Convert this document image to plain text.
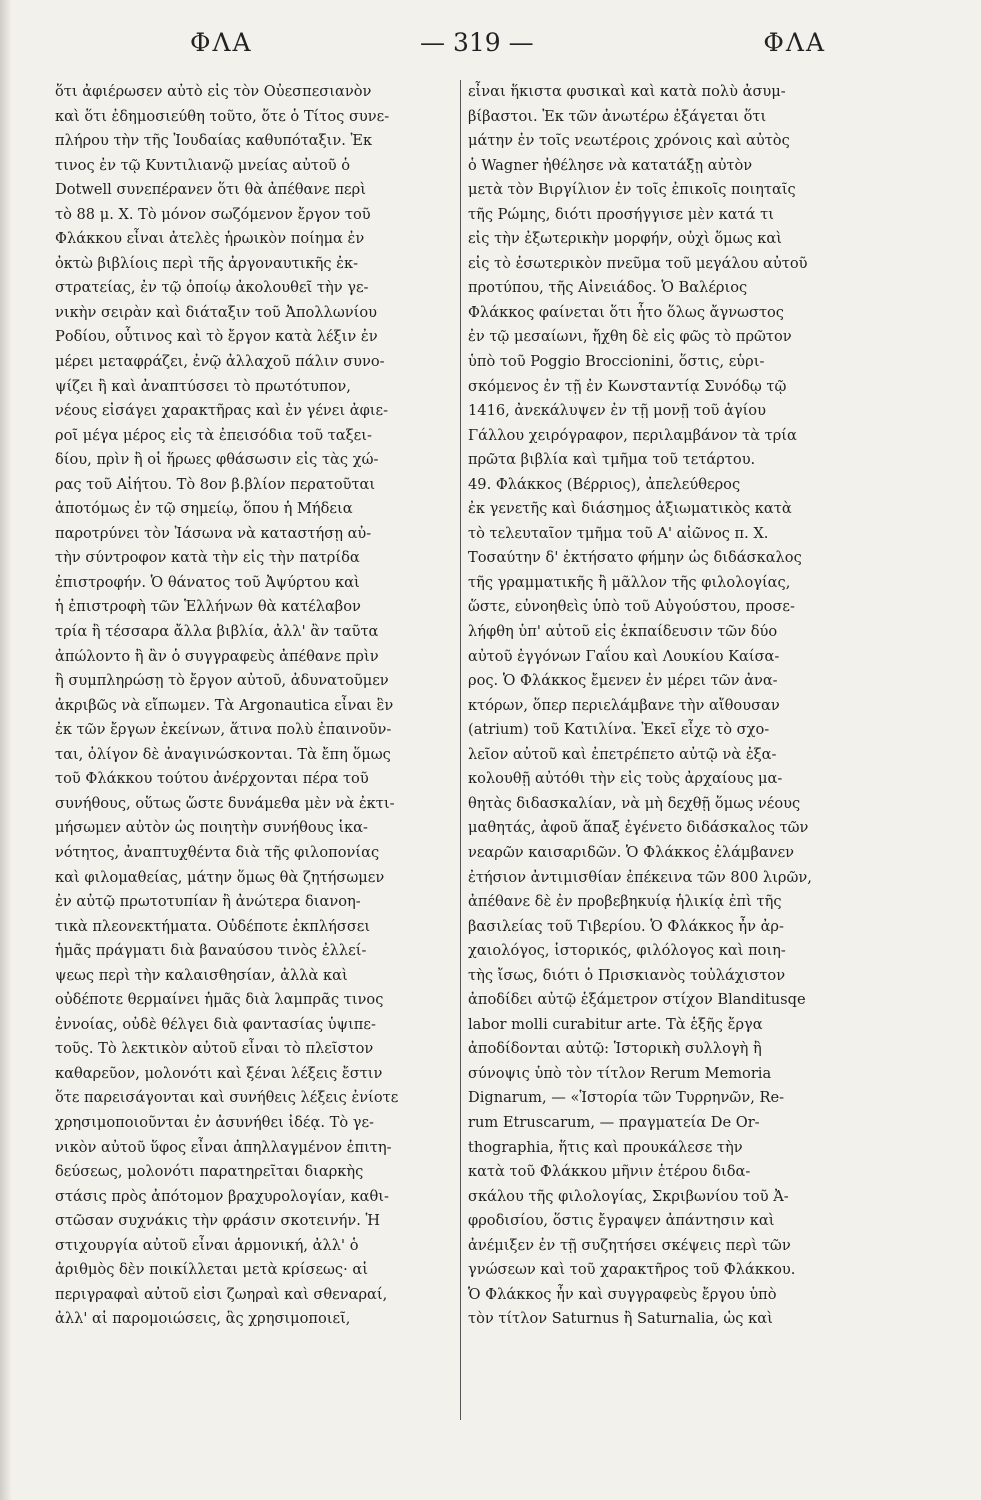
ΦΛΑ	— 319 —	ΦΛΑ
ὅτι ἀφιέρωσεν αὐτὸ εἰς τὸν Οὐεσπεσιανὸν
καὶ ὅτι ἐδημοσιεύθη τοῦτο, ὅτε ὁ Τίτος συνε-
πλήρου τὴν τῆς Ἰουδαίας καθυπόταξιν. Ἐκ
τινος ἐν τῷ Κυντιλιανῷ μνείας αὐτοῦ ὁ
Dotwell συνεπέρανεν ὅτι θὰ ἀπέθανε περὶ
τὸ 88 μ. Χ. Τὸ μόνον σωζόμενον ἔργον τοῦ
Φλάκκου εἶναι ἀτελὲς ἡρωικὸν ποίημα ἐν
ὀκτὼ βιβλίοις περὶ τῆς ἀργοναυτικῆς ἐκ-
στρατείας, ἐν τῷ ὁποίῳ ἀκολουθεῖ τὴν γε-
νικὴν σειρὰν καὶ διάταξιν τοῦ Ἀπολλωνίου
Ροδίου, οὗτινος καὶ τὸ ἔργον κατὰ λέξιν ἐν
μέρει μεταφράζει, ἐνῷ ἀλλαχοῦ πάλιν συνο-
ψίζει ἢ καὶ ἀναπτύσσει τὸ πρωτότυπον,
νέους εἰσάγει χαρακτῆρας καὶ ἐν γένει ἀφιε-
ροῖ μέγα μέρος εἰς τὰ ἐπεισόδια τοῦ ταξει-
δίου, πρὶν ἢ οἱ ἥρωες φθάσωσιν εἰς τὰς χώ-
ρας τοῦ Αἰήτου. Τὸ 8ον β.βλίον περατοῦται
ἀποτόμως ἐν τῷ σημείῳ, ὅπου ἡ Μήδεια
παροτρύνει τὸν Ἰάσωνα νὰ καταστήσῃ αὐ-
τὴν σύντροφον κατὰ τὴν εἰς τὴν πατρίδα
ἐπιστροφήν. Ὁ θάνατος τοῦ Ἀψύρτου καὶ
ἡ ἐπιστροφὴ τῶν Ἑλλήνων θὰ κατέλαβον
τρία ἢ τέσσαρα ἄλλα βιβλία, ἀλλ' ἂν ταῦτα
ἀπώλοντο ἢ ἂν ὁ συγγραφεὺς ἀπέθανε πρὶν
ἢ συμπληρώσῃ τὸ ἔργον αὐτοῦ, ἀδυνατοῦμεν
ἀκριβῶς νὰ εἴπωμεν. Τὰ Argonautica εἶναι ἓν
ἐκ τῶν ἔργων ἐκείνων, ἅτινα πολὺ ἐπαινοῦν-
ται, ὀλίγον δὲ ἀναγινώσκονται. Τὰ ἔπη ὅμως
τοῦ Φλάκκου τούτου ἀνέρχονται πέρα τοῦ
συνήθους, οὕτως ὥστε δυνάμεθα μὲν νὰ ἐκτι-
μήσωμεν αὐτὸν ὡς ποιητὴν συνήθους ἱκα-
νότητος, ἀναπτυχθέντα διὰ τῆς φιλοπονίας
καὶ φιλομαθείας, μάτην ὅμως θὰ ζητήσωμεν
ἐν αὐτῷ πρωτοτυπίαν ἢ ἀνώτερα διανοη-
τικὰ πλεονεκτήματα. Οὐδέποτε ἐκπλήσσει
ἡμᾶς πράγματι διὰ βαναύσου τινὸς ἐλλεί-
ψεως περὶ τὴν καλαισθησίαν, ἀλλὰ καὶ
οὐδέποτε θερμαίνει ἡμᾶς διὰ λαμπρᾶς τινος
ἐννοίας, οὐδὲ θέλγει διὰ φαντασίας ὑψιπε-
τοῦς. Τὸ λεκτικὸν αὐτοῦ εἶναι τὸ πλεῖστον
καθαρεῦον, μολονότι καὶ ξέναι λέξεις ἔστιν
ὅτε παρεισάγονται καὶ συνήθεις λέξεις ἐνίοτε
χρησιμοποιοῦνται ἐν ἀσυνήθει ἰδέᾳ. Τὸ γε-
νικὸν αὐτοῦ ὕφος εἶναι ἀπηλλαγμένον ἐπιτη-
δεύσεως, μολονότι παρατηρεῖται διαρκὴς
στάσις πρὸς ἀπότομον βραχυρολογίαν, καθι-
στῶσαν συχνάκις τὴν φράσιν σκοτεινήν. Ἡ
στιχουργία αὐτοῦ εἶναι ἁρμονική, ἀλλ' ὁ
ἀριθμὸς δὲν ποικίλλεται μετὰ κρίσεως· αἱ
περιγραφαὶ αὐτοῦ εἰσι ζωηραὶ καὶ σθεναραί,
ἀλλ' αἱ παρομοιώσεις, ἃς χρησιμοποιεῖ,
εἶναι ἥκιστα φυσικαὶ καὶ κατὰ πολὺ ἀσυμ-
βίβαστοι. Ἐκ τῶν ἀνωτέρω ἐξάγεται ὅτι
μάτην ἐν τοῖς νεωτέροις χρόνοις καὶ αὐτὸς
ὁ Wagner ἠθέλησε νὰ κατατάξῃ αὐτὸν
μετὰ τὸν Βιργίλιον ἐν τοῖς ἐπικοῖς ποιηταῖς
τῆς Ρώμης, διότι προσήγγισε μὲν κατά τι
εἰς τὴν ἐξωτερικὴν μορφήν, οὐχὶ ὅμως καὶ
εἰς τὸ ἐσωτερικὸν πνεῦμα τοῦ μεγάλου αὐτοῦ
προτύπου, τῆς Αἰνειάδος. Ὁ Βαλέριος
Φλάκκος φαίνεται ὅτι ἦτο ὅλως ἄγνωστος
ἐν τῷ μεσαίωνι, ἤχθη δὲ εἰς φῶς τὸ πρῶτον
ὑπὸ τοῦ Poggio Broccionini, ὅστις, εὑρι-
σκόμενος ἐν τῇ ἐν Κωνσταντίᾳ Συνόδῳ τῷ
1416, ἀνεκάλυψεν ἐν τῇ μονῇ τοῦ ἁγίου
Γάλλου χειρόγραφον, περιλαμβάνον τὰ τρία
πρῶτα βιβλία καὶ τμῆμα τοῦ τετάρτου.
49. Φλάκκος (Βέρριος), ἀπελεύθερος
ἐκ γενετῆς καὶ διάσημος ἀξιωματικὸς κατὰ
τὸ τελευταῖον τμῆμα τοῦ Α' αἰῶνος π. Χ.
Τοσαύτην δ' ἐκτήσατο φήμην ὡς διδάσκαλος
τῆς γραμματικῆς ἢ μᾶλλον τῆς φιλολογίας,
ὥστε, εὐνοηθεὶς ὑπὸ τοῦ Αὐγούστου, προσε-
λήφθη ὑπ' αὐτοῦ εἰς ἐκπαίδευσιν τῶν δύο
αὐτοῦ ἐγγόνων Γαΐου καὶ Λουκίου Καίσα-
ρος. Ὁ Φλάκκος ἔμενεν ἐν μέρει τῶν ἀνα-
κτόρων, ὅπερ περιελάμβανε τὴν αἴθουσαν
(atrium) τοῦ Κατιλίνα. Ἐκεῖ εἶχε τὸ σχο-
λεῖον αὐτοῦ καὶ ἐπετρέπετο αὐτῷ νὰ ἐξα-
κολουθῇ αὐτόθι τὴν εἰς τοὺς ἀρχαίους μα-
θητὰς διδασκαλίαν, νὰ μὴ δεχθῇ ὅμως νέους
μαθητάς, ἀφοῦ ἅπαξ ἐγένετο διδάσκαλος τῶν
νεαρῶν καισαριδῶν. Ὁ Φλάκκος ἐλάμβανεν
ἐτήσιον ἀντιμισθίαν ἐπέκεινα τῶν 800 λιρῶν,
ἀπέθανε δὲ ἐν προβεβηκυίᾳ ἡλικίᾳ ἐπὶ τῆς
βασιλείας τοῦ Τιβερίου. Ὁ Φλάκκος ἦν ἀρ-
χαιολόγος, ἱστορικός, φιλόλογος καὶ ποιη-
τὴς ἴσως, διότι ὁ Πρισκιανὸς τοὐλάχιστον
ἀποδίδει αὐτῷ ἑξάμετρον στίχον Blanditusqe
labor molli curabitur arte. Τὰ ἑξῆς ἔργα
ἀποδίδονται αὐτῷ: Ἱστορικὴ συλλογὴ ἢ
σύνοψις ὑπὸ τὸν τίτλον Rerum Memoria
Dignarum, — «Ἱστορία τῶν Τυρρηνῶν, Re-
rum Etruscarum, — πραγματεία De Or-
thographia, ἥτις καὶ προυκάλεσε τὴν
κατὰ τοῦ Φλάκκου μῆνιν ἑτέρου διδα-
σκάλου τῆς φιλολογίας, Σκριβωνίου τοῦ Ἀ-
φροδισίου, ὅστις ἔγραψεν ἀπάντησιν καὶ
ἀνέμιξεν ἐν τῇ συζητήσει σκέψεις περὶ τῶν
γνώσεων καὶ τοῦ χαρακτῆρος τοῦ Φλάκκου.
Ὁ Φλάκκος ἦν καὶ συγγραφεὺς ἔργου ὑπὸ
τὸν τίτλον Saturnus ἢ Saturnalia, ὡς καὶ
